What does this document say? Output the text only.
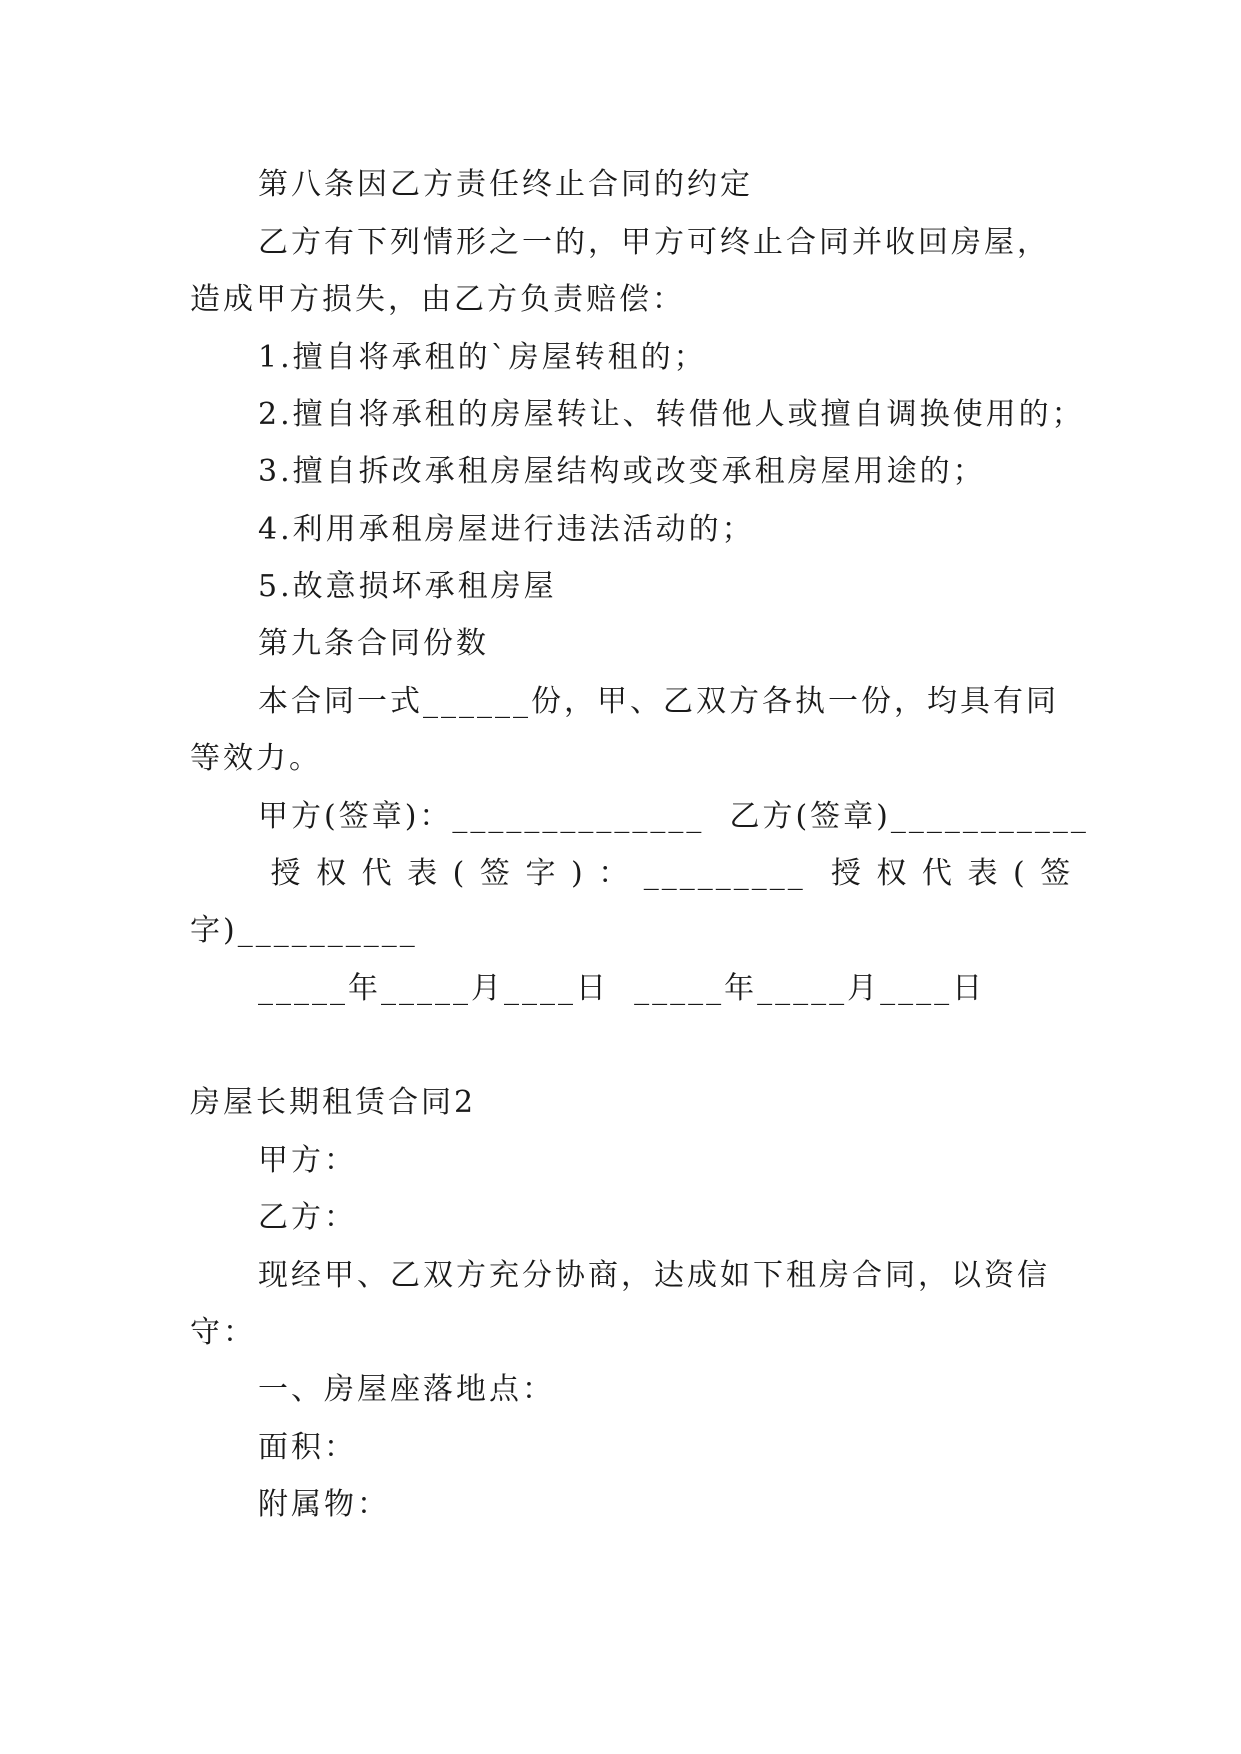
第八条因乙方责任终止合同的约定
乙方有下列情形之一的，甲方可终止合同并收回房屋，
造成甲方损失，由乙方负责赔偿：
1.擅自将承租的`房屋转租的；
2.擅自将承租的房屋转让、转借他人或擅自调换使用的；
3.擅自拆改承租房屋结构或改变承租房屋用途的；
4.利用承租房屋进行违法活动的；
5.故意损坏承租房屋
第九条合同份数
本合同一式______份，甲、乙双方各执一份，均具有同
等效力。
甲方(签章)：______________  乙方(签章)___________
授 权 代 表 ( 签 字 ) ： _________  授 权 代 表 ( 签
字)__________
_____年_____月____日  _____年_____月____日
房屋长期租赁合同2
甲方：
乙方：
现经甲、乙双方充分协商，达成如下租房合同，以资信
守：
一、房屋座落地点：
面积：
附属物：
